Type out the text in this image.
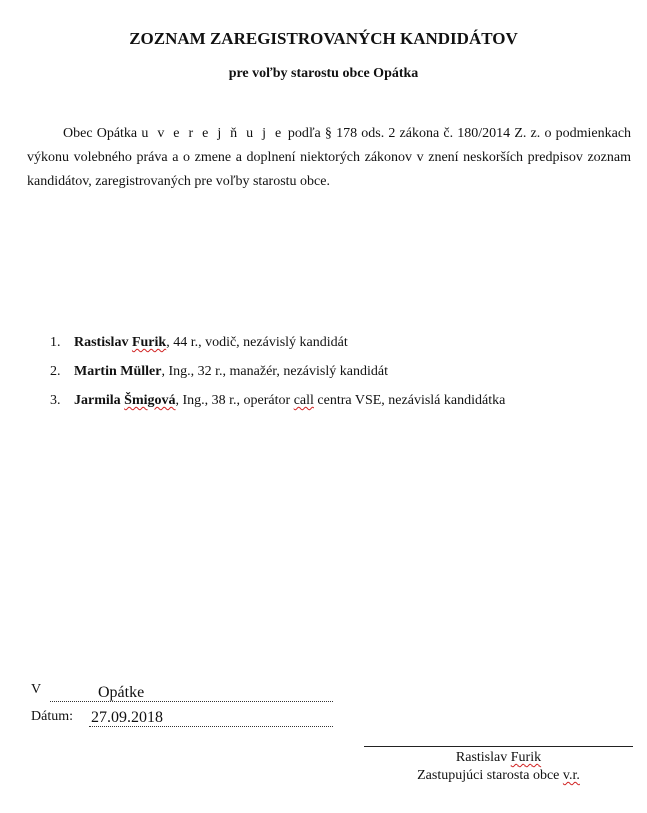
ZOZNAM ZAREGISTROVANÝCH KANDIDÁTOV
pre voľby starostu obce Opátka

Obec Opátka u v e r e j ň u j e podľa § 178 ods. 2 zákona č. 180/2014 Z. z. o podmienkach výkonu volebného práva a o zmene a doplnení niektorých zákonov v znení neskorších predpisov zoznam kandidátov, zaregistrovaných pre voľby starostu obce.

1. Rastislav Furik, 44 r., vodič, nezávislý kandidát
2. Martin Müller, Ing., 32 r., manažér, nezávislý kandidát
3. Jarmila Šmigová, Ing., 38 r., operátor call centra VSE, nezávislá kandidátka
V	Opátke
Dátum: 27.09.2018
Rastislav Furik
Zastupujúci starosta obce v.r.
